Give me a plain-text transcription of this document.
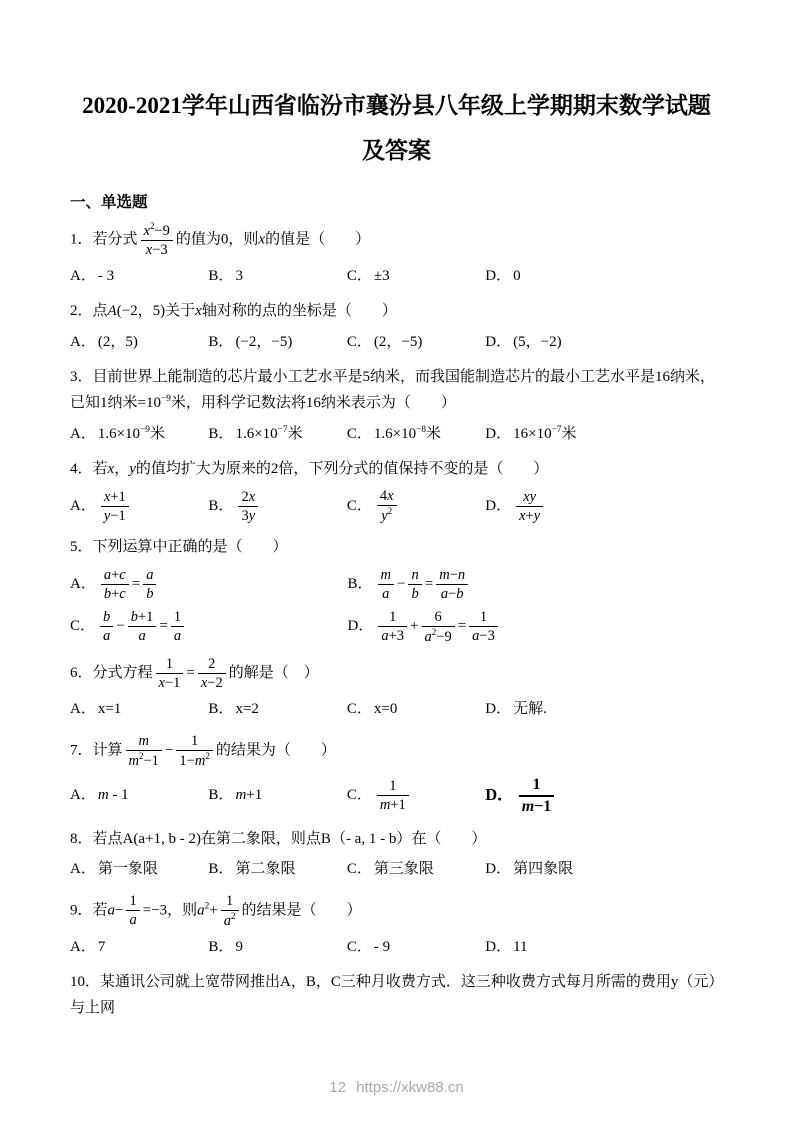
2020-2021学年山西省临汾市襄汾县八年级上学期期末数学试题及答案
一、单选题
1．若分式 $\frac{x^2-9}{x-3}$ 的值为0，则x的值是（　　）
A． - 3	B． 3	C． ±3	D． 0
2．点A(−2，5)关于x轴对称的点的坐标是（　　）
A． (2，5)	B． (−2，−5)	C． (2，−5)	D． (5，−2)
3．目前世界上能制造的芯片最小工艺水平是5纳米，而我国能制造芯片的最小工艺水平是16纳米，已知1纳米$=10^{-9}$米，用科学记数法将16纳米表示为（　　）
A． $1.6\times 10^{-9}$米	B． $1.6\times 10^{-7}$米	C． $1.6\times 10^{-8}$米	D． $16\times 10^{-7}$米
4．若x，y的值均扩大为原来的2倍，下列分式的值保持不变的是（　　）
A． $\frac{x+1}{y-1}$	B． $\frac{2x}{3y}$	C． $\frac{4x}{y^2}$	D． $\frac{xy}{x+y}$
5．下列运算中正确的是（　　）
A． $\frac{a+c}{b+c} = \frac{a}{b}$	B． $\frac{m}{a} - \frac{n}{b} = \frac{m-n}{a-b}$
C． $\frac{b}{a} - \frac{b+1}{a} = \frac{1}{a}$	D． $\frac{1}{a+3} + \frac{6}{a^2-9} = \frac{1}{a-3}$
6．分式方程 $\frac{1}{x-1} = \frac{2}{x-2}$ 的解是（　）
A． x=1	B． x=2	C． x=0	D． 无解.
7．计算 $\frac{m}{m^2-1} - \frac{1}{1-m^2}$ 的结果为（　　）
A． m - 1	B． m+1	C． $\frac{1}{m+1}$	D． $\frac{1}{m-1}$
8．若点A(a+1, b - 2)在第二象限，则点B（- a, 1 - b）在（　　）
A． 第一象限	B． 第二象限	C． 第三象限	D． 第四象限
9．若$a- \frac{1}{a} =-3$，则$a^2+ \frac{1}{a^2}$ 的结果是（　　）
A． 7	B． 9	C． - 9	D． 11
10．某通讯公司就上宽带网推出A，B，C三种月收费方式．这三种收费方式每月所需的费用y（元）与上网
12 https://xkw88.cn
